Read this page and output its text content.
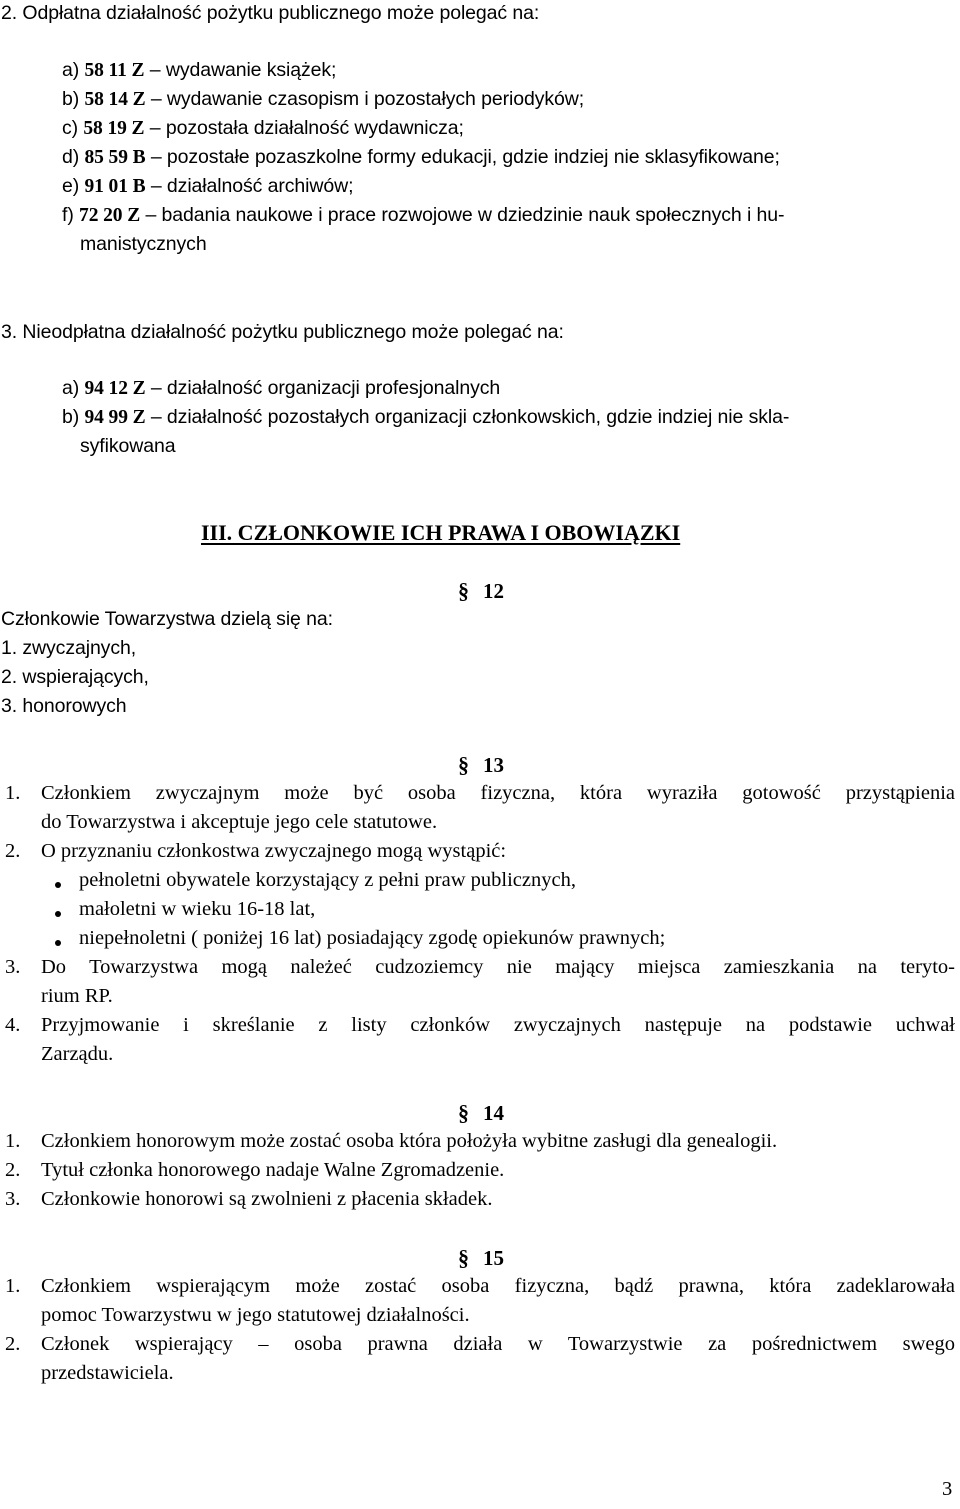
2. Odpłatna działalność pożytku publicznego może polegać na:
a) 58 11 Z – wydawanie książek;
b) 58 14 Z – wydawanie czasopism i pozostałych periodyków;
c) 58 19 Z – pozostała działalność wydawnicza;
d) 85 59 B – pozostałe pozaszkolne formy edukacji, gdzie indziej nie sklasyfikowane;
e) 91 01 B – działalność archiwów;
f) 72 20 Z – badania naukowe i prace rozwojowe w dziedzinie nauk społecznych i hu-
manistycznych
3. Nieodpłatna działalność pożytku publicznego może polegać na:
a) 94 12 Z – działalność organizacji profesjonalnych
b) 94 99 Z – działalność pozostałych organizacji członkowskich, gdzie indziej nie skla-
syfikowana
III. CZŁONKOWIE ICH PRAWA I OBOWIĄZKI
§ 12
Członkowie Towarzystwa dzielą się na:
1. zwyczajnych,
2. wspierających,
3. honorowych
§ 13
1. Członkiem zwyczajnym może być osoba fizyczna, która wyraziła gotowość przystąpienia
do Towarzystwa i akceptuje jego cele statutowe.
2. O przyznaniu członkostwa zwyczajnego mogą wystąpić:
pełnoletni obywatele korzystający z pełni praw publicznych,
małoletni w wieku 16-18 lat,
niepełnoletni ( poniżej 16 lat) posiadający zgodę opiekunów prawnych;
3. Do Towarzystwa mogą należeć cudzoziemcy nie mający miejsca zamieszkania na teryto-
rium RP.
4. Przyjmowanie i skreślanie z listy członków zwyczajnych następuje na podstawie uchwał
Zarządu.
§ 14
1. Członkiem honorowym może zostać osoba która położyła wybitne zasługi dla genealogii.
2. Tytuł członka honorowego nadaje Walne Zgromadzenie.
3. Członkowie honorowi są zwolnieni z płacenia składek.
§ 15
1. Członkiem wspierającym może zostać osoba fizyczna, bądź prawna, która zadeklarowała
pomoc Towarzystwu w jego statutowej działalności.
2. Członek wspierający – osoba prawna działa w Towarzystwie za pośrednictwem swego
przedstawiciela.
3
